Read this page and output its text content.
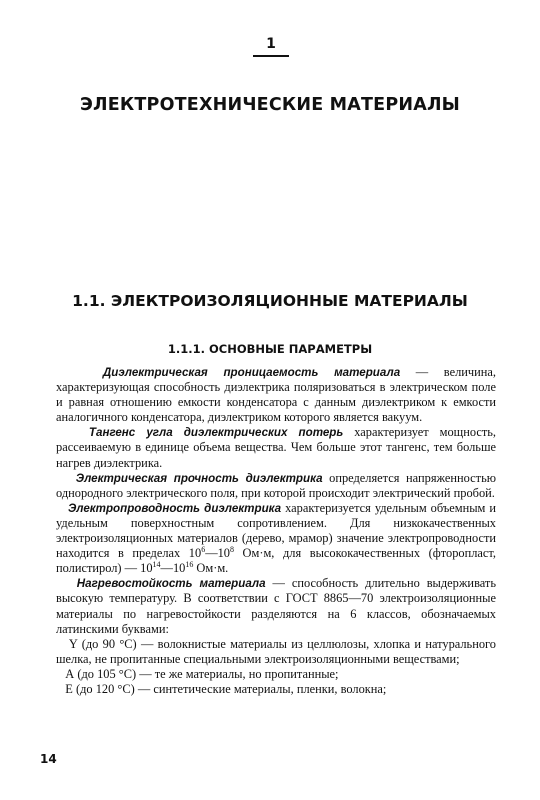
1
ЭЛЕКТРОТЕХНИЧЕСКИЕ МАТЕРИАЛЫ
1.1. ЭЛЕКТРОИЗОЛЯЦИОННЫЕ МАТЕРИАЛЫ
1.1.1. ОСНОВНЫЕ ПАРАМЕТРЫ

Диэлектрическая проницаемость материала — величина, характеризующая способность диэлектрика поляризоваться в электрическом поле и равная отношению емкости конденсатора с данным диэлектриком к емкости аналогичного конденсатора, диэлектриком которого является вакуум.

Тангенс угла диэлектрических потерь характеризует мощность, рассеиваемую в единице объема вещества. Чем больше этот тангенс, тем больше нагрев диэлектрика.

Электрическая прочность диэлектрика определяется напряженностью однородного электрического поля, при которой происходит электрический пробой.

Электропроводность диэлектрика характеризуется удельным объемным и удельным поверхностным сопротивлением. Для низкокачественных электроизоляционных материалов (дерево, мрамор) значение электропроводности находится в пределах $10^6—10^8$ Ом·м, для высококачественных (фторопласт, полистирол) — $10^{14}—10^{16}$ Ом·м.

Нагревостойкость материала — способность длительно выдерживать высокую температуру. В соответствии с ГОСТ 8865—70 электроизоляционные материалы по нагревостойкости разделяются на 6 классов, обозначаемых латинскими буквами:

Y (до 90 °С) — волокнистые материалы из целлюлозы, хлопка и натурального шелка, не пропитанные специальными электроизоляционными веществами;

А (до 105 °С) — те же материалы, но пропитанные;

Е (до 120 °С) — синтетические материалы, пленки, волокна;

14
